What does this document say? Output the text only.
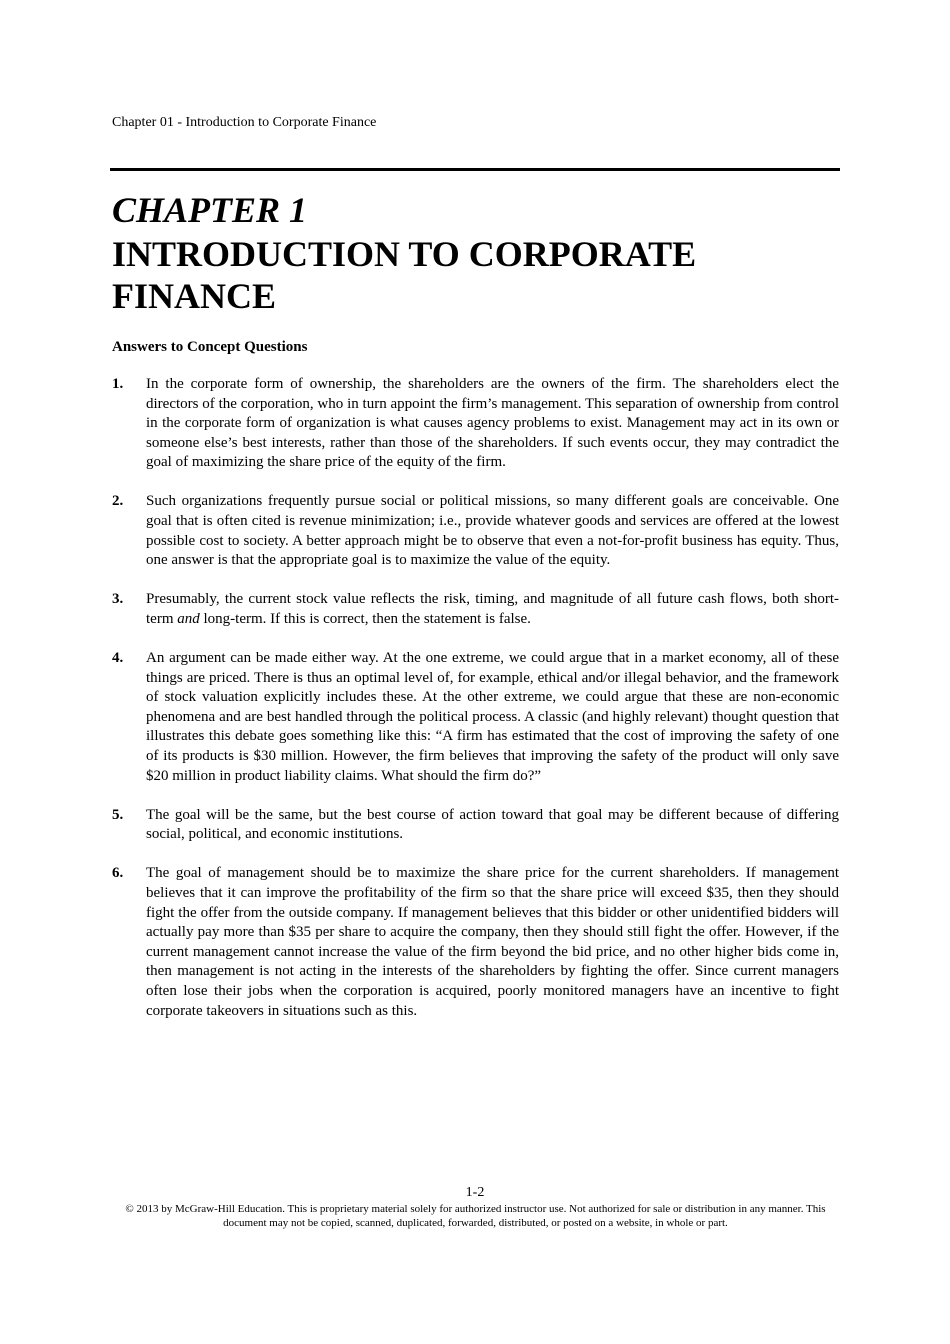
Chapter 01 - Introduction to Corporate Finance
CHAPTER 1
INTRODUCTION TO CORPORATE FINANCE
Answers to Concept Questions
1.	In the corporate form of ownership, the shareholders are the owners of the firm. The shareholders elect the directors of the corporation, who in turn appoint the firm’s management. This separation of ownership from control in the corporate form of organization is what causes agency problems to exist. Management may act in its own or someone else’s best interests, rather than those of the shareholders. If such events occur, they may contradict the goal of maximizing the share price of the equity of the firm.
2.	Such organizations frequently pursue social or political missions, so many different goals are conceivable. One goal that is often cited is revenue minimization; i.e., provide whatever goods and services are offered at the lowest possible cost to society. A better approach might be to observe that even a not-for-profit business has equity. Thus, one answer is that the appropriate goal is to maximize the value of the equity.
3.	Presumably, the current stock value reflects the risk, timing, and magnitude of all future cash flows, both short-term and long-term. If this is correct, then the statement is false.
4.	An argument can be made either way. At the one extreme, we could argue that in a market economy, all of these things are priced. There is thus an optimal level of, for example, ethical and/or illegal behavior, and the framework of stock valuation explicitly includes these. At the other extreme, we could argue that these are non-economic phenomena and are best handled through the political process. A classic (and highly relevant) thought question that illustrates this debate goes something like this: “A firm has estimated that the cost of improving the safety of one of its products is $30 million. However, the firm believes that improving the safety of the product will only save $20 million in product liability claims. What should the firm do?”
5.	The goal will be the same, but the best course of action toward that goal may be different because of differing social, political, and economic institutions.
6.	The goal of management should be to maximize the share price for the current shareholders. If management believes that it can improve the profitability of the firm so that the share price will exceed $35, then they should fight the offer from the outside company. If management believes that this bidder or other unidentified bidders will actually pay more than $35 per share to acquire the company, then they should still fight the offer. However, if the current management cannot increase the value of the firm beyond the bid price, and no other higher bids come in, then management is not acting in the interests of the shareholders by fighting the offer. Since current managers often lose their jobs when the corporation is acquired, poorly monitored managers have an incentive to fight corporate takeovers in situations such as this.
1-2
© 2013 by McGraw-Hill Education. This is proprietary material solely for authorized instructor use. Not authorized for sale or distribution in any manner. This document may not be copied, scanned, duplicated, forwarded, distributed, or posted on a website, in whole or part.
